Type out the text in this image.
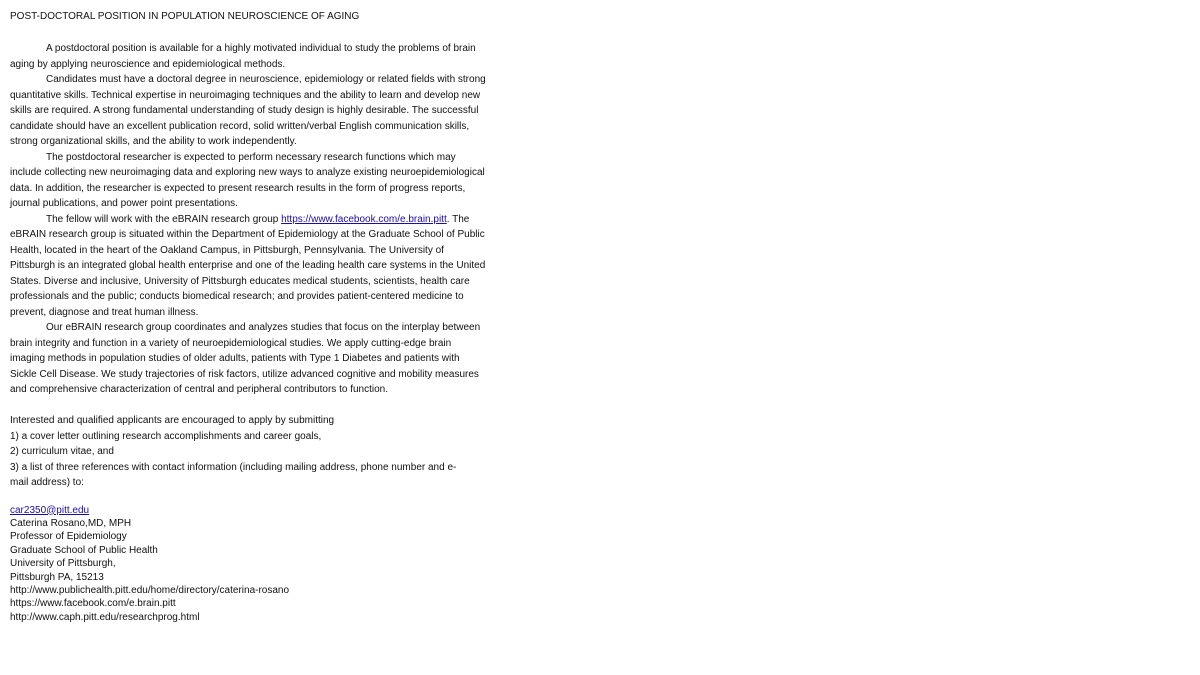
POST-DOCTORAL POSITION IN POPULATION NEUROSCIENCE OF AGING

A postdoctoral position is available for a highly motivated individual to study the problems of brain aging by applying neuroscience and epidemiological methods.

Candidates must have a doctoral degree in neuroscience, epidemiology or related fields with strong quantitative skills. Technical expertise in neuroimaging techniques and the ability to learn and develop new skills are required. A strong fundamental understanding of study design is highly desirable. The successful candidate should have an excellent publication record, solid written/verbal English communication skills, strong organizational skills, and the ability to work independently.

The postdoctoral researcher is expected to perform necessary research functions which may include collecting new neuroimaging data and exploring new ways to analyze existing neuroepidemiological data. In addition, the researcher is expected to present research results in the form of progress reports, journal publications, and power point presentations.

The fellow will work with the eBRAIN research group https://www.facebook.com/e.brain.pitt. The eBRAIN research group is situated within the Department of Epidemiology at the Graduate School of Public Health, located in the heart of the Oakland Campus, in Pittsburgh, Pennsylvania. The University of Pittsburgh is an integrated global health enterprise and one of the leading health care systems in the United States. Diverse and inclusive, University of Pittsburgh educates medical students, scientists, health care professionals and the public; conducts biomedical research; and provides patient-centered medicine to prevent, diagnose and treat human illness.

Our eBRAIN research group coordinates and analyzes studies that focus on the interplay between brain integrity and function in a variety of neuroepidemiological studies. We apply cutting-edge brain imaging methods in population studies of older adults, patients with Type 1 Diabetes and patients with Sickle Cell Disease. We study trajectories of risk factors, utilize advanced cognitive and mobility measures and comprehensive characterization of central and peripheral contributors to function.

Interested and qualified applicants are encouraged to apply by submitting

1) a cover letter outlining research accomplishments and career goals,

2) curriculum vitae, and

3) a list of three references with contact information (including mailing address, phone number and e-

mail address) to:

car2350@pitt.edu

Caterina Rosano,MD, MPH

Professor of Epidemiology

Graduate School of Public Health

University of Pittsburgh,

Pittsburgh PA, 15213

http://www.publichealth.pitt.edu/home/directory/caterina-rosano

https://www.facebook.com/e.brain.pitt

http://www.caph.pitt.edu/researchprog.html
